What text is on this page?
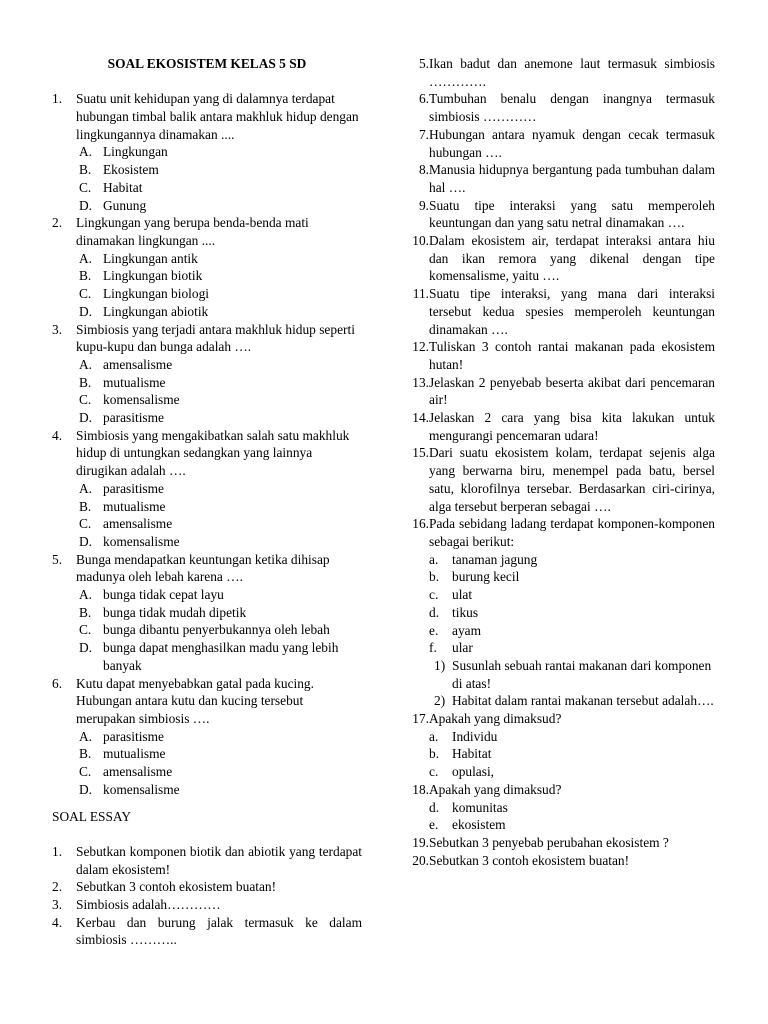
SOAL EKOSISTEM KELAS 5 SD
1.	Suatu unit kehidupan yang di dalamnya terdapat hubungan timbal balik antara makhluk hidup dengan lingkungannya dinamakan ....
A. Lingkungan
B. Ekosistem
C. Habitat
D. Gunung
2.	Lingkungan yang berupa benda-benda mati dinamakan lingkungan ....
A. Lingkungan antik
B. Lingkungan biotik
C. Lingkungan biologi
D. Lingkungan abiotik
3.	Simbiosis yang terjadi antara makhluk hidup seperti kupu-kupu dan bunga adalah ….
A. amensalisme
B. mutualisme
C. komensalisme
D. parasitisme
4.	Simbiosis yang mengakibatkan salah satu makhluk hidup di untungkan sedangkan yang lainnya dirugikan adalah ….
A. parasitisme
B. mutualisme
C. amensalisme
D. komensalisme
5.	Bunga mendapatkan keuntungan ketika dihisap madunya oleh lebah karena ….
A. bunga tidak cepat layu
B. bunga tidak mudah dipetik
C. bunga dibantu penyerbukannya oleh lebah
D. bunga dapat menghasilkan madu yang lebih banyak
6.	Kutu dapat menyebabkan gatal pada kucing. Hubungan antara kutu dan kucing tersebut merupakan simbiosis ….
A. parasitisme
B. mutualisme
C. amensalisme
D. komensalisme
SOAL ESSAY
1.	Sebutkan komponen biotik dan abiotik yang terdapat dalam ekosistem!
2.	Sebutkan 3 contoh ekosistem buatan!
3.	Simbiosis adalah…………
4.	Kerbau dan burung jalak termasuk ke dalam simbiosis ………..
5. Ikan badut dan anemone laut termasuk simbiosis ………….
6. Tumbuhan benalu dengan inangnya termasuk simbiosis …………
7. Hubungan antara nyamuk dengan cecak termasuk hubungan ….
8. Manusia hidupnya bergantung pada tumbuhan dalam hal ….
9. Suatu tipe interaksi yang satu memperoleh keuntungan dan yang satu netral dinamakan ….
10. Dalam ekosistem air, terdapat interaksi antara hiu dan ikan remora yang dikenal dengan tipe komensalisme, yaitu ….
11. Suatu tipe interaksi, yang mana dari interaksi tersebut kedua spesies memperoleh keuntungan dinamakan ….
12. Tuliskan 3 contoh rantai makanan pada ekosistem hutan!
13. Jelaskan 2 penyebab beserta akibat dari pencemaran air!
14. Jelaskan 2 cara yang bisa kita lakukan untuk mengurangi pencemaran udara!
15. Dari suatu ekosistem kolam, terdapat sejenis alga yang berwarna biru, menempel pada batu, bersel satu, klorofilnya tersebar. Berdasarkan ciri-cirinya, alga tersebut berperan sebagai ….
16. Pada sebidang ladang terdapat komponen-komponen sebagai berikut:
a.	tanaman jagung
b. burung kecil
c.	ulat
d. tikus
e.	ayam
f.	ular
1) Susunlah sebuah rantai makanan dari komponen di atas!
2) Habitat dalam rantai makanan tersebut adalah….
17. Apakah yang dimaksud?
a.	Individu
b. Habitat
c.	opulasi,
18. Apakah yang dimaksud?
d. komunitas
e.	ekosistem
19. Sebutkan 3 penyebab perubahan ekosistem ?
20. Sebutkan 3 contoh ekosistem buatan!
